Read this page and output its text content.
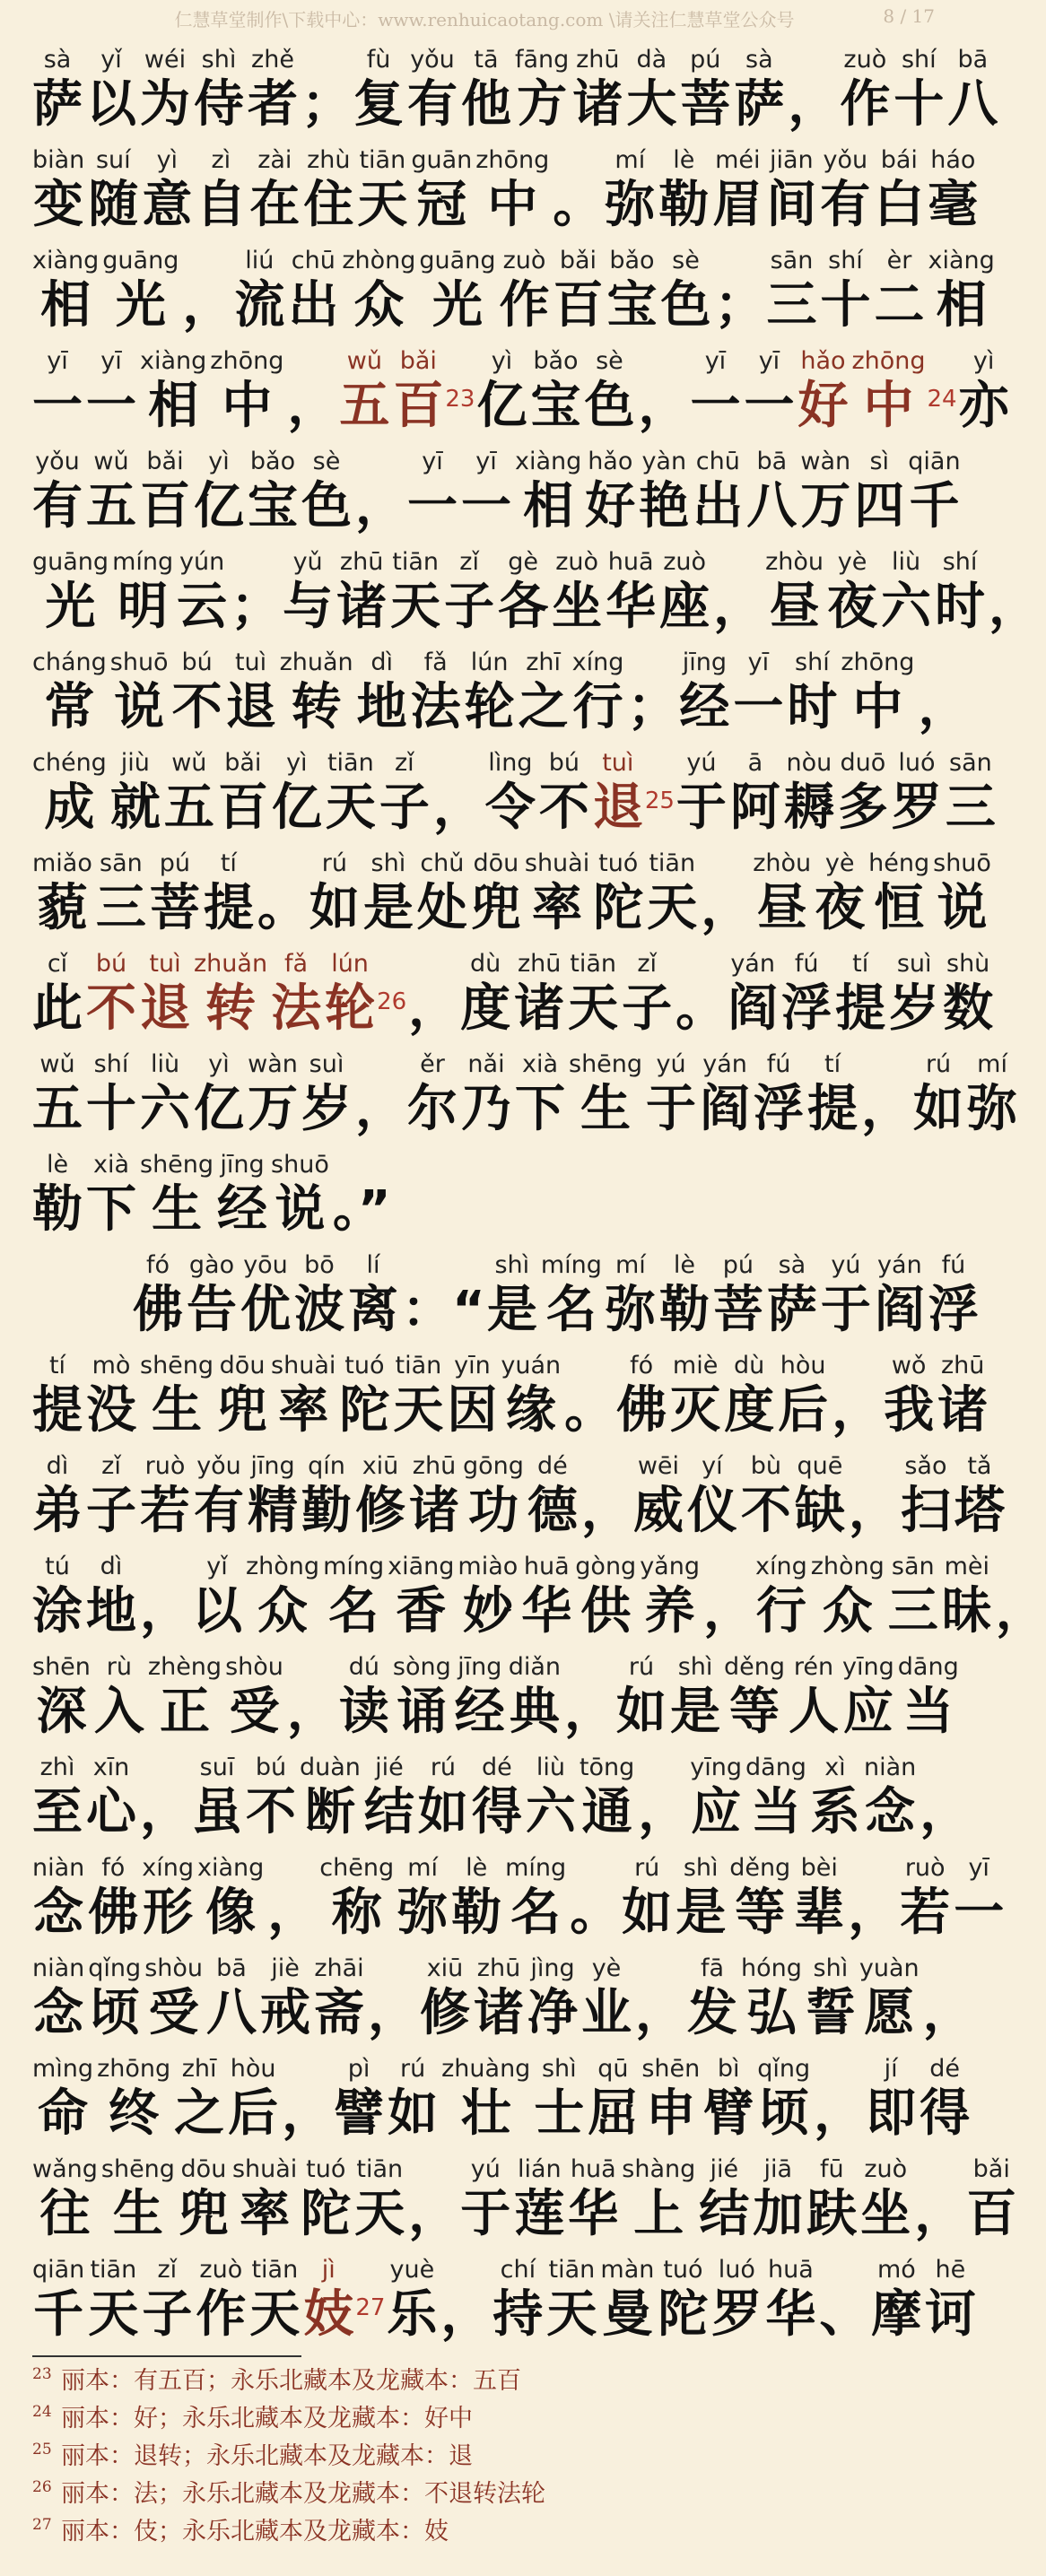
仁慧草堂制作\下载中心：www.renhuicaotang.com \请关注仁慧草堂公众号	8 / 17
sà
萨
yǐ
以
wéi
为
shì
侍
zhě
者 ；
fù
复
yǒu
有
tā
他
fāng
方
zhū
诸
dà
大
pú
菩
sà
萨 ，
zuò
作
shí
十
bā
八
biàn
变
suí
随
yì
意
zì
自
zài
在
zhù
住
tiān
天
guān
冠
zhōng
中 。
mí
弥
lè
勒
méi
眉
jiān
间
yǒu
有
bái
白
háo
毫
xiàng
相
guāng
光 ，
liú
流
chū
出
zhòng
众
guāng
光
zuò
作
bǎi
百
bǎo
宝
sè
色 ；
sān
三
shí
十
èr
二
xiàng
相
yī
一
yī
一
xiàng
相
zhōng
中 ，
wǔ
五
bǎi
百 23
yì
亿
bǎo
宝
sè
色 ，
yī
一
yī
一
hǎo
好
zhōng
中 24
yì
亦
yǒu
有
wǔ
五
bǎi
百
yì
亿
bǎo
宝
sè
色 ，
yī
一
yī
一
xiàng
相
hǎo
好
yàn
艳
chū
出
bā
八
wàn
万
sì
四
qiān
千
guāng
光
míng
明
yún
云 ；
yǔ
与
zhū
诸
tiān
天
zǐ
子
gè
各
zuò
坐
huā
华
zuò
座 ，
zhòu
昼
yè
夜
liù
六
shí
时 ，
cháng
常
shuō
说
bú
不
tuì
退
zhuǎn
转
dì
地
fǎ
法
lún
轮
zhī
之
xíng
行 ；
jīng
经
yī
一
shí
时
zhōng
中 ，
chéng
成
jiù
就
wǔ
五
bǎi
百
yì
亿
tiān
天
zǐ
子 ，
lìng
令
bú
不
tuì
退 25
yú
于
ā
阿
nòu
耨
duō
多
luó
罗
sān
三
miǎo
藐
sān
三
pú
菩
tí
提 。
rú
如
shì
是
chǔ
处
dōu
兜
shuài
率
tuó
陀
tiān
天 ，
zhòu
昼
yè
夜
héng
恒
shuō
说
cǐ
此
bú
不
tuì
退
zhuǎn
转
fǎ
法
lún
轮 26 ，
dù
度
zhū
诸
tiān
天
zǐ
子 。
yán
阎
fú
浮
tí
提
suì
岁
shù
数
wǔ
五
shí
十
liù
六
yì
亿
wàn
万
suì
岁 ，
ěr
尔
nǎi
乃
xià
下
shēng
生
yú
于
yán
阎
fú
浮
tí
提 ，
rú
如
mí
弥
lè
勒
xià
下
shēng
生
jīng
经
shuō
说 。”
fó
佛
gào
告
yōu
优
bō
波
lí
离 ：“
shì
是
míng
名
mí
弥
lè
勒
pú
菩
sà
萨
yú
于
yán
阎
fú
浮
tí
提
mò
没
shēng
生
dōu
兜
shuài
率
tuó
陀
tiān
天
yīn
因
yuán
缘 。
fó
佛
miè
灭
dù
度
hòu
后 ，
wǒ
我
zhū
诸
dì
弟
zǐ
子
ruò
若
yǒu
有
jīng
精
qín
勤
xiū
修
zhū
诸
gōng
功
dé
德 ，
wēi
威
yí
仪
bù
不
quē
缺 ，
sǎo
扫
tǎ
塔
tú
涂
dì
地 ，
yǐ
以
zhòng
众
míng
名
xiāng
香
miào
妙
huā
华
gòng
供
yǎng
养 ，
xíng
行
zhòng
众
sān
三
mèi
昧 ，
shēn
深
rù
入
zhèng
正
shòu
受 ，
dú
读
sòng
诵
jīng
经
diǎn
典 ，
rú
如
shì
是
děng
等
rén
人
yīng
应
dāng
当
zhì
至
xīn
心 ，
suī
虽
bú
不
duàn
断
jié
结
rú
如
dé
得
liù
六
tōng
通 ，
yīng
应
dāng
当
xì
系
niàn
念 ，
niàn
念
fó
佛
xíng
形
xiàng
像 ，
chēng
称
mí
弥
lè
勒
míng
名 。
rú
如
shì
是
děng
等
bèi
辈 ，
ruò
若
yī
一
niàn
念
qǐng
顷
shòu
受
bā
八
jiè
戒
zhāi
斋 ，
xiū
修
zhū
诸
jìng
净
yè
业 ，
fā
发
hóng
弘
shì
誓
yuàn
愿 ，
mìng
命
zhōng
终
zhī
之
hòu
后 ，
pì
譬
rú
如
zhuàng
壮
shì
士
qū
屈
shēn
申
bì
臂
qǐng
顷 ，
jí
即
dé
得
wǎng
往
shēng
生
dōu
兜
shuài
率
tuó
陀
tiān
天 ，
yú
于
lián
莲
huā
华
shàng
上
jié
结
jiā
加
fū
趺
zuò
坐 ，
bǎi
百
qiān
千
tiān
天
zǐ
子
zuò
作
tiān
天
jì
妓 27
yuè
乐 ，
chí
持
tiān
天
màn
曼
tuó
陀
luó
罗
huā
华 、
mó
摩
hē
诃
23 丽本：有五百；永乐北藏本及龙藏本：五百
24 丽本：好；永乐北藏本及龙藏本：好中
25 丽本：退转；永乐北藏本及龙藏本：退
26 丽本：法；永乐北藏本及龙藏本：不退转法轮
27 丽本：伎；永乐北藏本及龙藏本：妓
